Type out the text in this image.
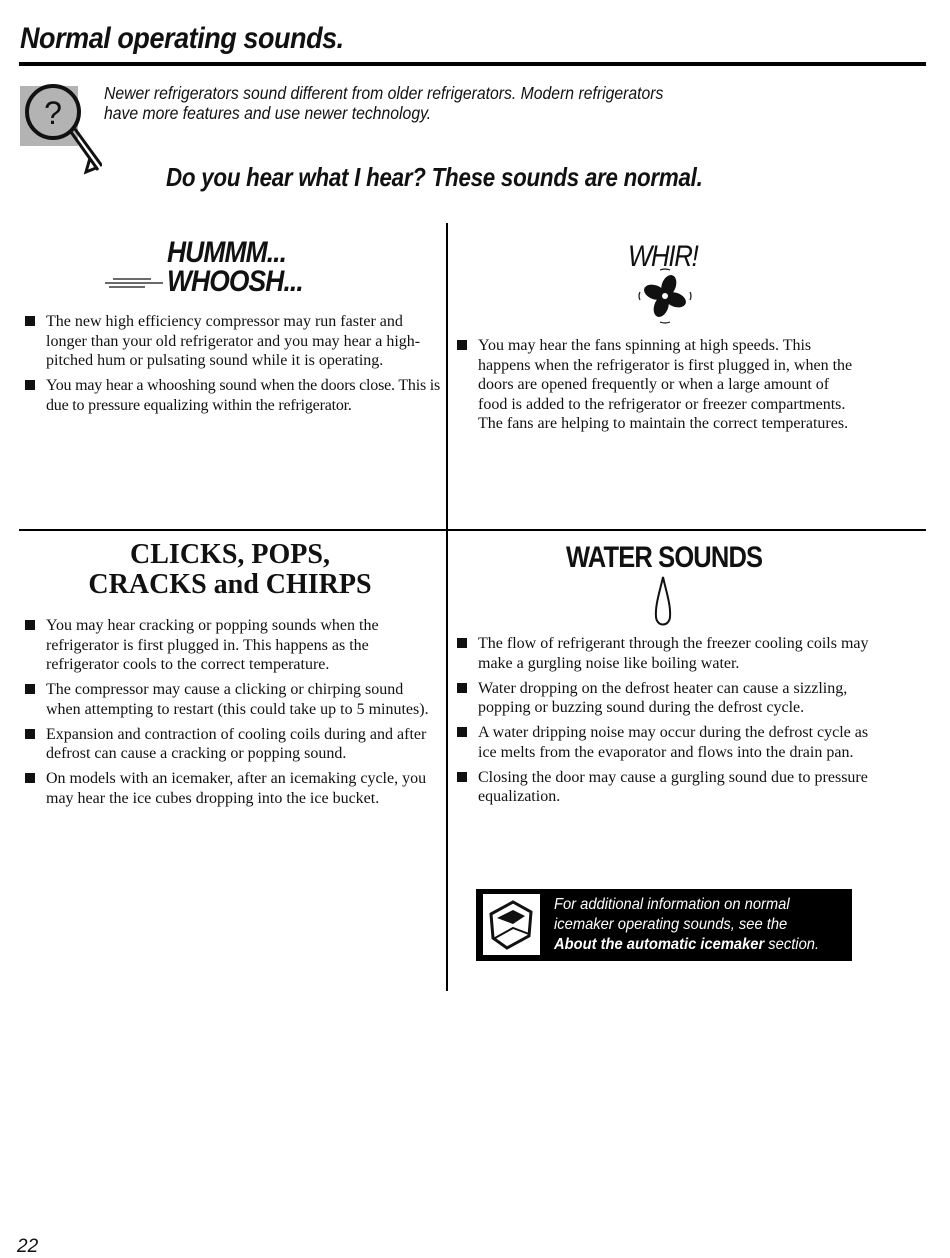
Normal operating sounds.
?
Newer refrigerators sound different from older refrigerators. Modern refrigerators
have more features and use newer technology.
Do you hear what I hear? These sounds are normal.
HUMMM...
WHOOSH...
The new high efficiency compressor may run faster and longer than your old refrigerator and you may hear a high-pitched hum or pulsating sound while it is operating.
You may hear a whooshing sound when the doors close. This is due to pressure equalizing within the refrigerator.
WHIR!
You may hear the fans spinning at high speeds. This happens when the refrigerator is first plugged in, when the doors are opened frequently or when a large amount of food is added to the refrigerator or freezer compartments. The fans are helping to maintain the correct temperatures.
CLICKS, POPS,
CRACKS and CHIRPS
You may hear cracking or popping sounds when the refrigerator is first plugged in. This happens as the refrigerator cools to the correct temperature.
The compressor may cause a clicking or chirping sound when attempting to restart (this could take up to 5 minutes).
Expansion and contraction of cooling coils during and after defrost can cause a cracking or popping sound.
On models with an icemaker, after an icemaking cycle, you may hear the ice cubes dropping into the ice bucket.
WATER SOUNDS
The flow of refrigerant through the freezer cooling coils may make a gurgling noise like boiling water.
Water dropping on the defrost heater can cause a sizzling, popping or buzzing sound during the defrost cycle.
A water dripping noise may occur during the defrost cycle as ice melts from the evaporator and flows into the drain pan.
Closing the door may cause a gurgling sound due to pressure equalization.
For additional information on normal
icemaker operating sounds, see the
About the automatic icemaker section.
22
